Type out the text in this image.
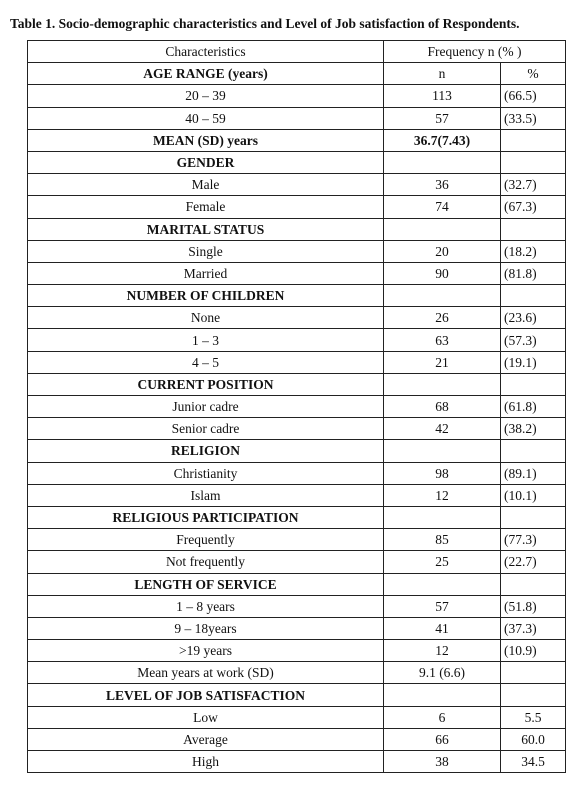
Table 1. Socio-demographic characteristics and Level of Job satisfaction of Respondents.
Characteristics	Frequency n (% )	
AGE RANGE (years)	n	%
20 – 39	113	(66.5)
40 – 59	57	(33.5)
MEAN (SD) years	36.7(7.43)	
GENDER		
Male	36	(32.7)
Female	74	(67.3)
MARITAL STATUS		
Single	20	(18.2)
Married	90	(81.8)
NUMBER OF CHILDREN		
None	26	(23.6)
1 – 3	63	(57.3)
4 – 5	21	(19.1)
CURRENT POSITION		
Junior cadre	68	(61.8)
Senior cadre	42	(38.2)
RELIGION		
Christianity	98	(89.1)
Islam	12	(10.1)
RELIGIOUS PARTICIPATION		
Frequently	85	(77.3)
Not frequently	25	(22.7)
LENGTH OF SERVICE		
1 – 8 years	57	(51.8)
9 – 18years	41	(37.3)
>19 years	12	(10.9)
Mean years at work (SD)	9.1 (6.6)	
LEVEL OF JOB SATISFACTION		
Low	6	5.5
Average	66	60.0
High	38	34.5
